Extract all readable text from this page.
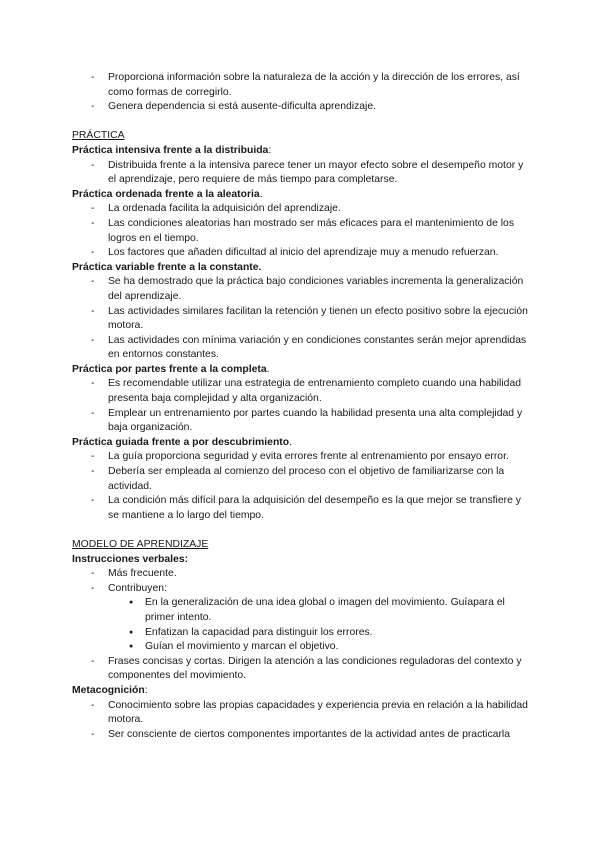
- Proporciona información sobre la naturaleza de la acción y la dirección de los errores, así como formas de corregirlo.
- Genera dependencia si está ausente-dificulta aprendizaje.
PRÁCTICA
Práctica intensiva frente a la distribuida:
- Distribuida frente a la intensiva parece tener un mayor efecto sobre el desempeño motor y el aprendizaje, pero requiere de más tiempo para completarse.
Práctica ordenada frente a la aleatoria.
- La ordenada facilita la adquisición del aprendizaje.
- Las condiciones aleatorias han mostrado ser más eficaces para el mantenimiento de los logros en el tiempo.
- Los factores que añaden dificultad al inicio del aprendizaje muy a menudo refuerzan.
Práctica variable frente a la constante.
- Se ha demostrado que la práctica bajo condiciones variables incrementa la generalización del aprendizaje.
- Las actividades similares facilitan la retención y tienen un efecto positivo sobre la ejecución motora.
- Las actividades con mínima variación y en condiciones constantes serán mejor aprendidas en entornos constantes.
Práctica por partes frente a la completa.
- Es recomendable utilizar una estrategia de entrenamiento completo cuando una habilidad presenta baja complejidad y alta organización.
- Emplear un entrenamiento por partes cuando la habilidad presenta una alta complejidad y baja organización.
Práctica guiada frente a por descubrimiento.
- La guía proporciona seguridad y evita errores frente al entrenamiento por ensayo error.
- Debería ser empleada al comienzo del proceso con el objetivo de familiarizarse con la actividad.
- La condición más difícil para la adquisición del desempeño es la que mejor se transfiere y se mantiene a lo largo del tiempo.
MODELO DE APRENDIZAJE
Instrucciones verbales:
- Más frecuente.
- Contribuyen:
● En la generalización de una idea global o imagen del movimiento. Guíapara el primer intento.
● Enfatizan la capacidad para distinguir los errores.
● Guían el movimiento y marcan el objetivo.
- Frases concisas y cortas. Dirigen la atención a las condiciones reguladoras del contexto y componentes del movimiento.
Metacognición:
- Conocimiento sobre las propias capacidades y experiencia previa en relación a la habilidad motora.
- Ser consciente de ciertos componentes importantes de la actividad antes de practicarla
